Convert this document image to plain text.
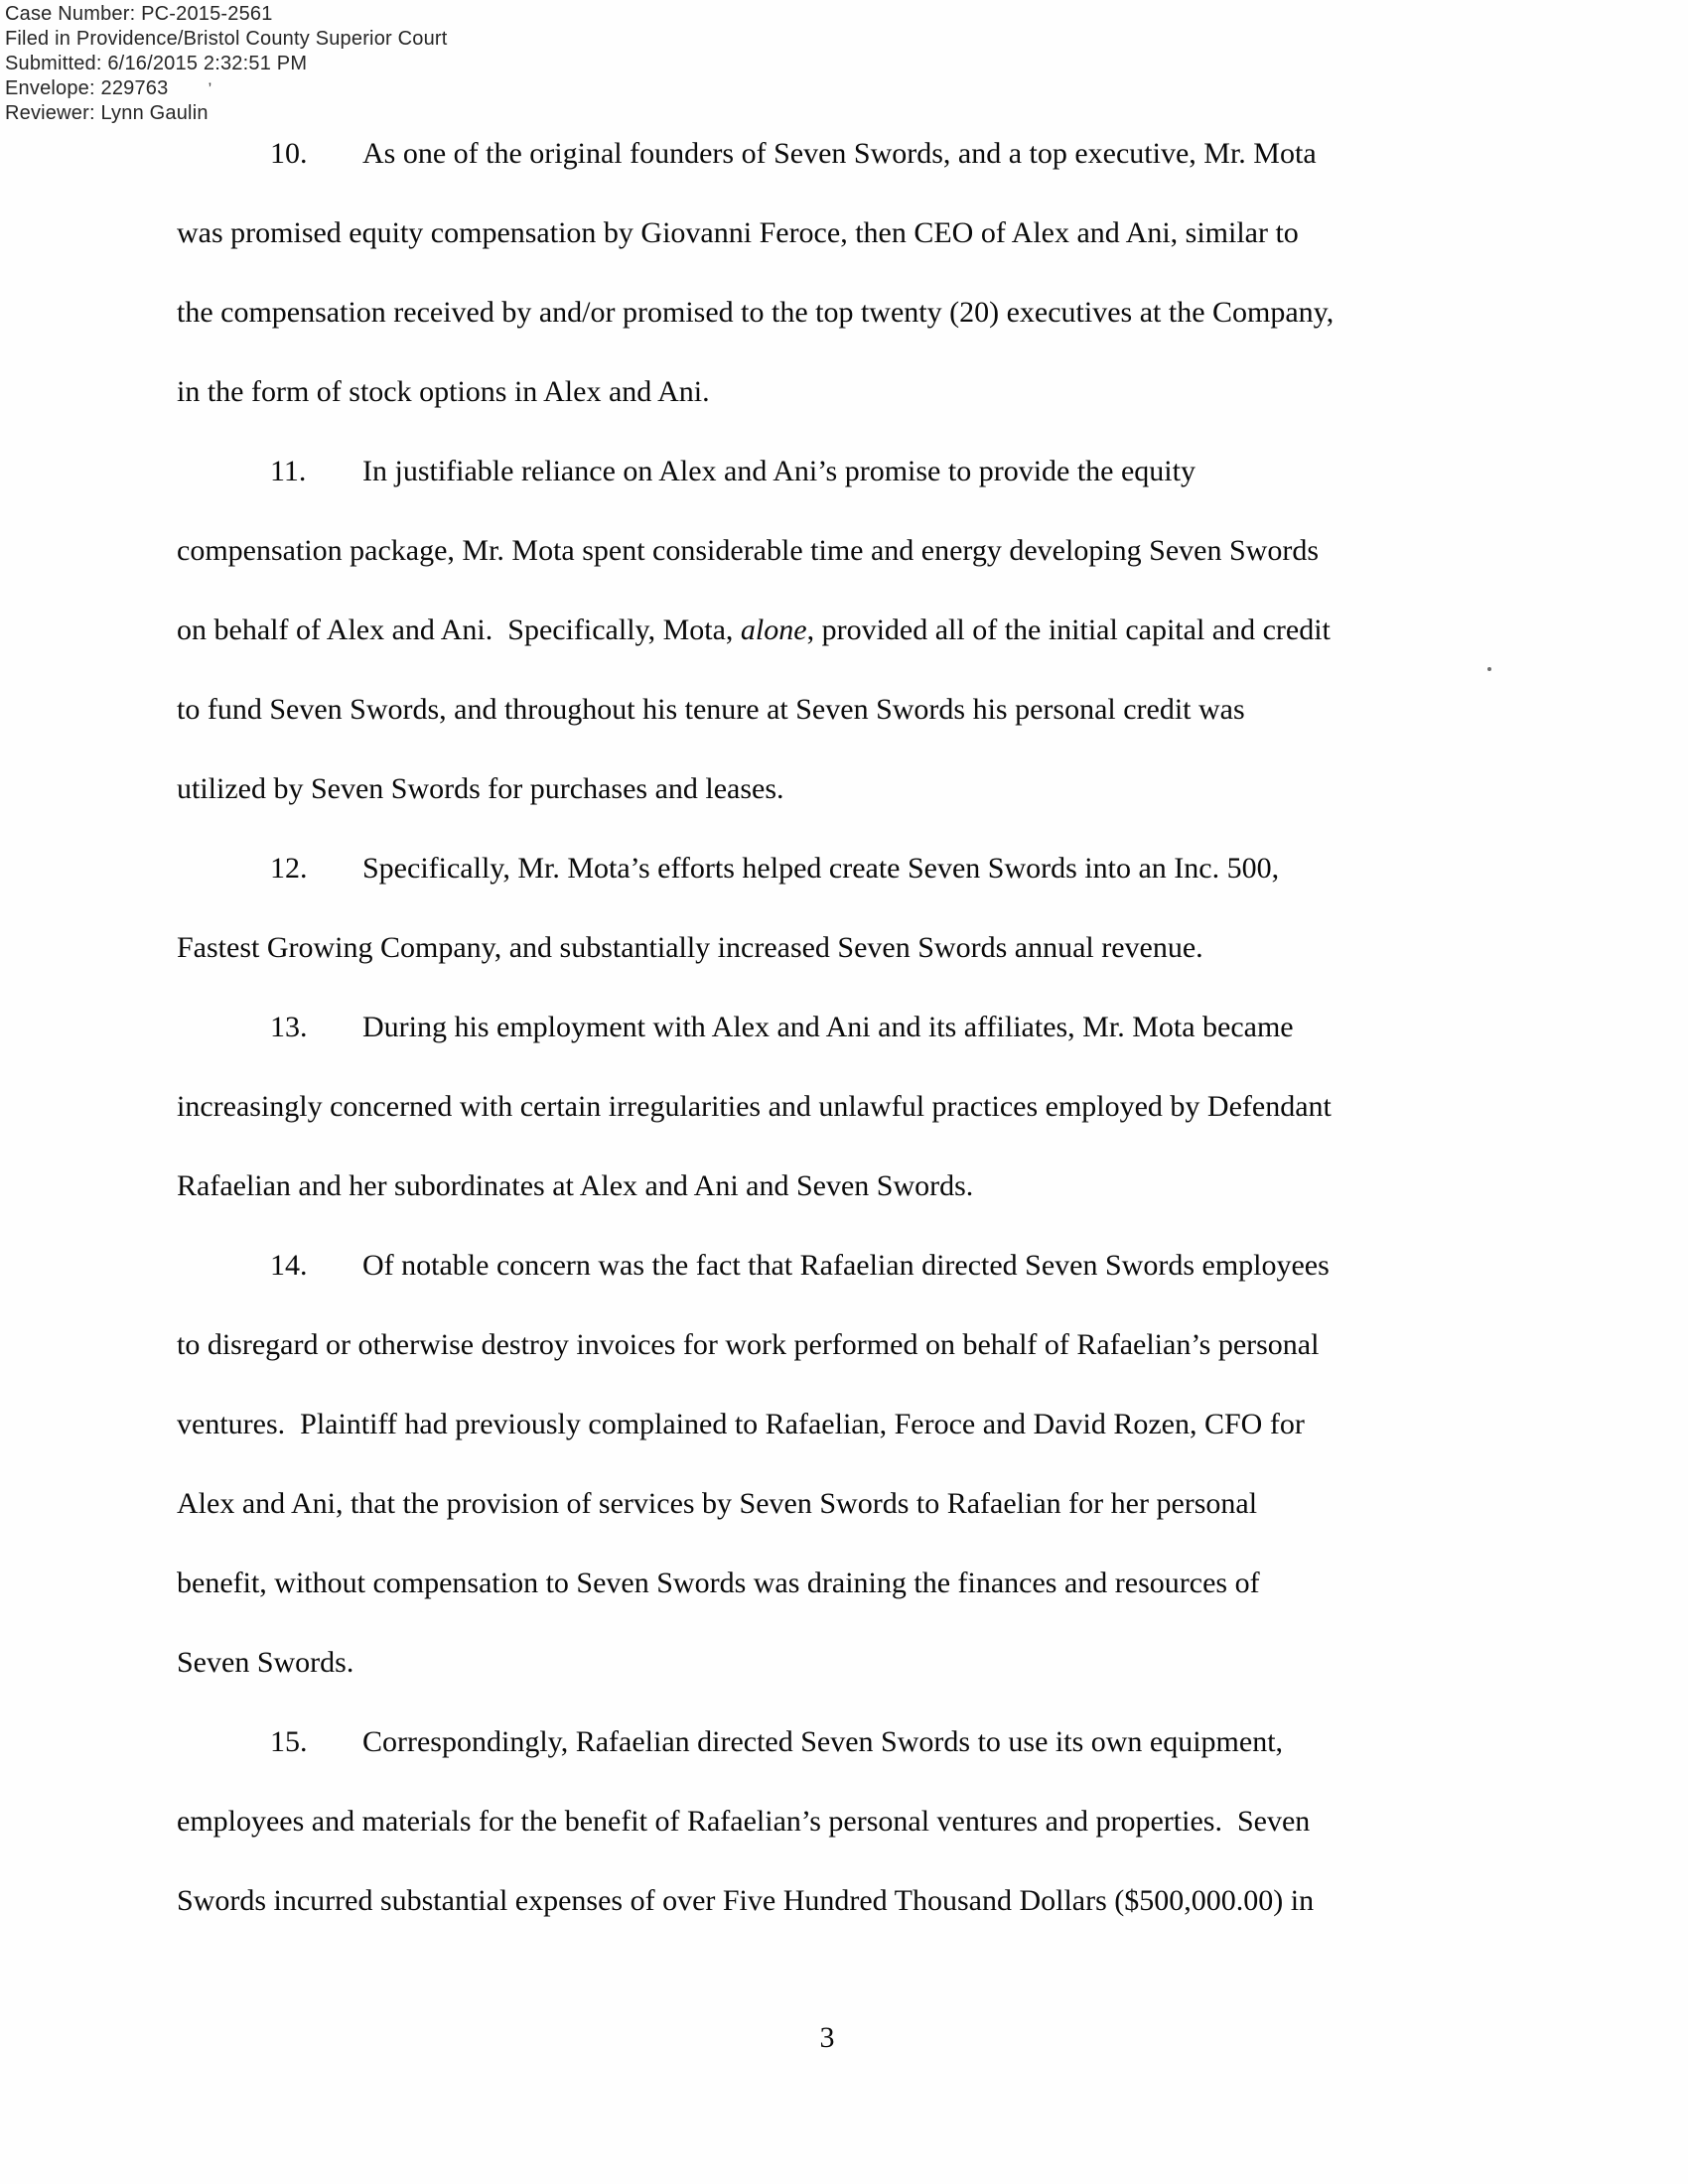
Case Number: PC-2015-2561
Filed in Providence/Bristol County Superior Court
Submitted: 6/16/2015 2:32:51 PM
Envelope: 229763 ’
Reviewer: Lynn Gaulin
10. As one of the original founders of Seven Swords, and a top executive, Mr. Mota
was promised equity compensation by Giovanni Feroce, then CEO of Alex and Ani, similar to
the compensation received by and/or promised to the top twenty (20) executives at the Company,
in the form of stock options in Alex and Ani.
11. In justifiable reliance on Alex and Ani’s promise to provide the equity
compensation package, Mr. Mota spent considerable time and energy developing Seven Swords
on behalf of Alex and Ani.  Specifically, Mota, alone, provided all of the initial capital and credit
to fund Seven Swords, and throughout his tenure at Seven Swords his personal credit was
utilized by Seven Swords for purchases and leases.
12. Specifically, Mr. Mota’s efforts helped create Seven Swords into an Inc. 500,
Fastest Growing Company, and substantially increased Seven Swords annual revenue.
13. During his employment with Alex and Ani and its affiliates, Mr. Mota became
increasingly concerned with certain irregularities and unlawful practices employed by Defendant
Rafaelian and her subordinates at Alex and Ani and Seven Swords.
14. Of notable concern was the fact that Rafaelian directed Seven Swords employees
to disregard or otherwise destroy invoices for work performed on behalf of Rafaelian’s personal
ventures.  Plaintiff had previously complained to Rafaelian, Feroce and David Rozen, CFO for
Alex and Ani, that the provision of services by Seven Swords to Rafaelian for her personal
benefit, without compensation to Seven Swords was draining the finances and resources of
Seven Swords.
15. Correspondingly, Rafaelian directed Seven Swords to use its own equipment,
employees and materials for the benefit of Rafaelian’s personal ventures and properties.  Seven
Swords incurred substantial expenses of over Five Hundred Thousand Dollars ($500,000.00) in
3
